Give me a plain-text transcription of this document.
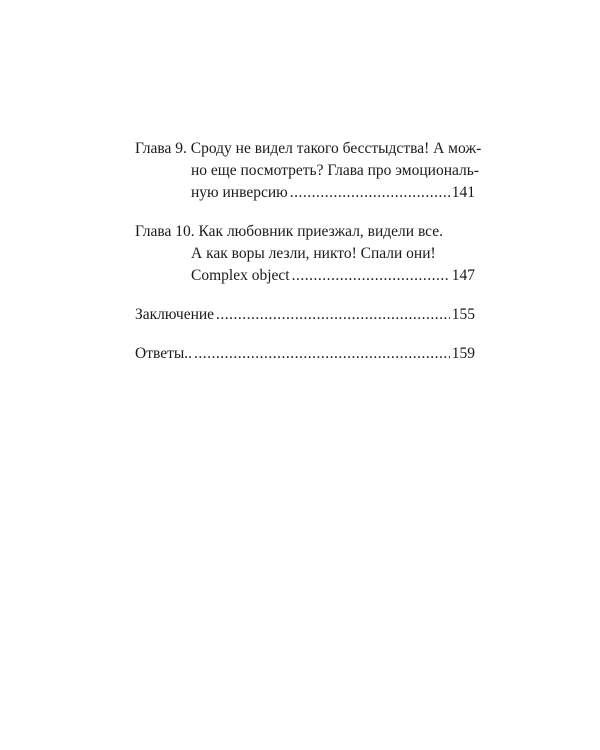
Глава 9. Сроду не видел такого бесстыдства! А мож-
но еще посмотреть? Глава про эмоциональ-
ную инверсию .....	141
Глава 10. Как любовник приезжал, видели все.
А как воры лезли, никто! Спали они!
Complex object .....	147
Заключение .....	155
Ответы.. .....	159
